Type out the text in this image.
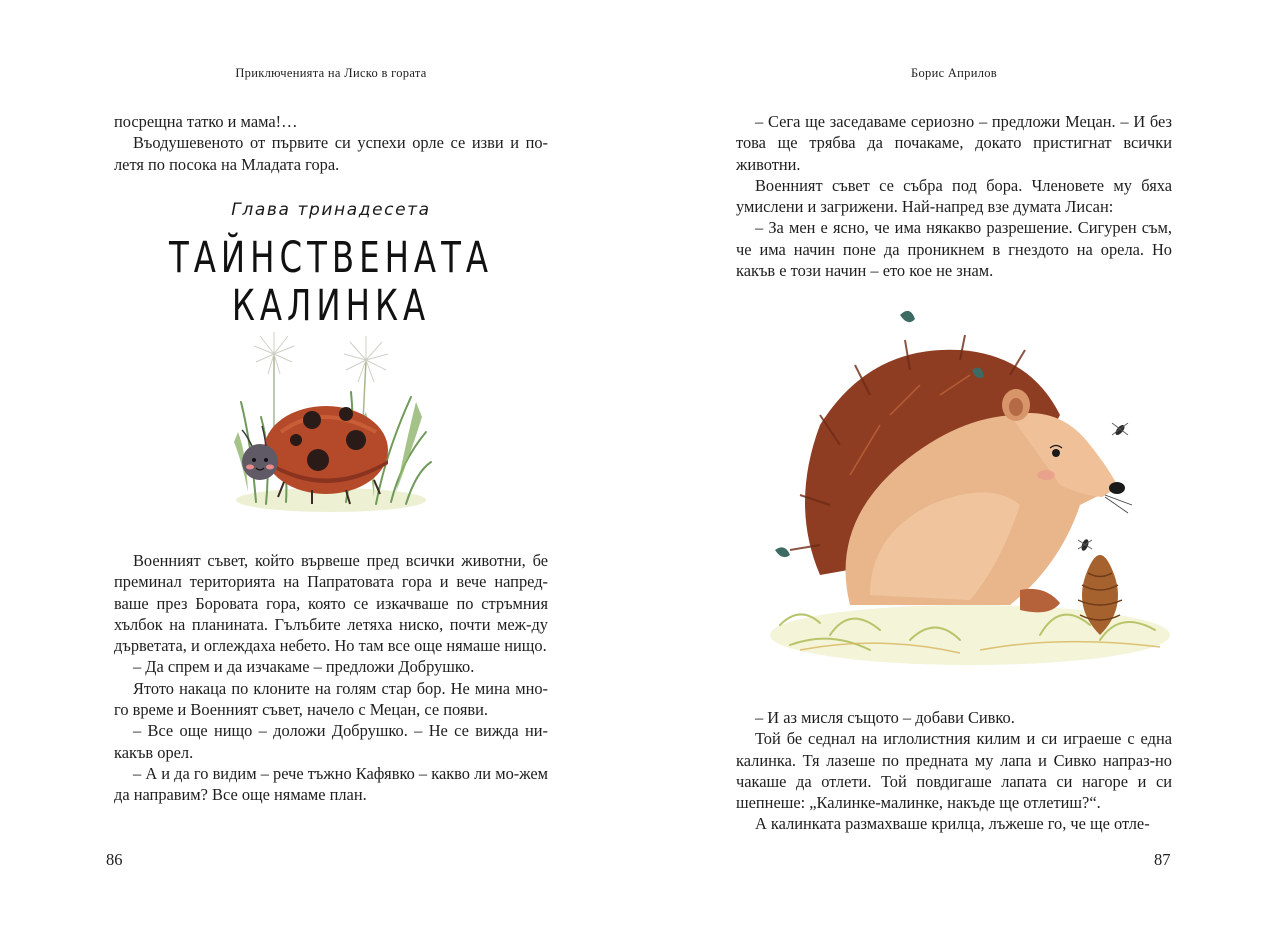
Приключенията на Лиско в гората

посрещна татко и мама!…

Въодушевеното от първите си успехи орле се изви и по-летя по посока на Младата гора.

Глава тринадесета
ТАЙНСТВЕНАТА КАЛИНКА

Военният съвет, който вървеше пред всички животни, бе преминал територията на Папратовата гора и вече напред-ваше през Боровата гора, която се изкачваше по стръмния хълбок на планината. Гълъбите летяха ниско, почти меж-ду дърветата, и оглеждаха небето. Но там все още нямаше нищо.

– Да спрем и да изчакаме – предложи Добрушко.

Ятото накаца по клоните на голям стар бор. Не мина мно-го време и Военният съвет, начело с Мецан, се появи.

– Все още нищо – доложи Добрушко. – Не се вижда ни-какъв орел.

– А и да го видим – рече тъжно Кафявко – какво ли мо-жем да направим? Все още нямаме план.

86
Борис Априлов

– Сега ще заседаваме сериозно – предложи Мецан. – И без това ще трябва да почакаме, докато пристигнат всички животни.

Военният съвет се събра под бора. Членовете му бяха умислени и загрижени. Най-напред взе думата Лисан:

– За мен е ясно, че има някакво разрешение. Сигурен съм, че има начин поне да проникнем в гнездото на орела. Но какъв е този начин – ето кое не знам.

– И аз мисля същото – добави Сивко.

Той бе седнал на иглолистния килим и си играеше с една калинка. Тя лазеше по предната му лапа и Сивко напраз-но чакаше да отлети. Той повдигаше лапата си нагоре и си шепнеше: „Калинке-малинке, накъде ще отлетиш?“.

А калинката размахваше крилца, лъжеше го, че ще отле-

87
